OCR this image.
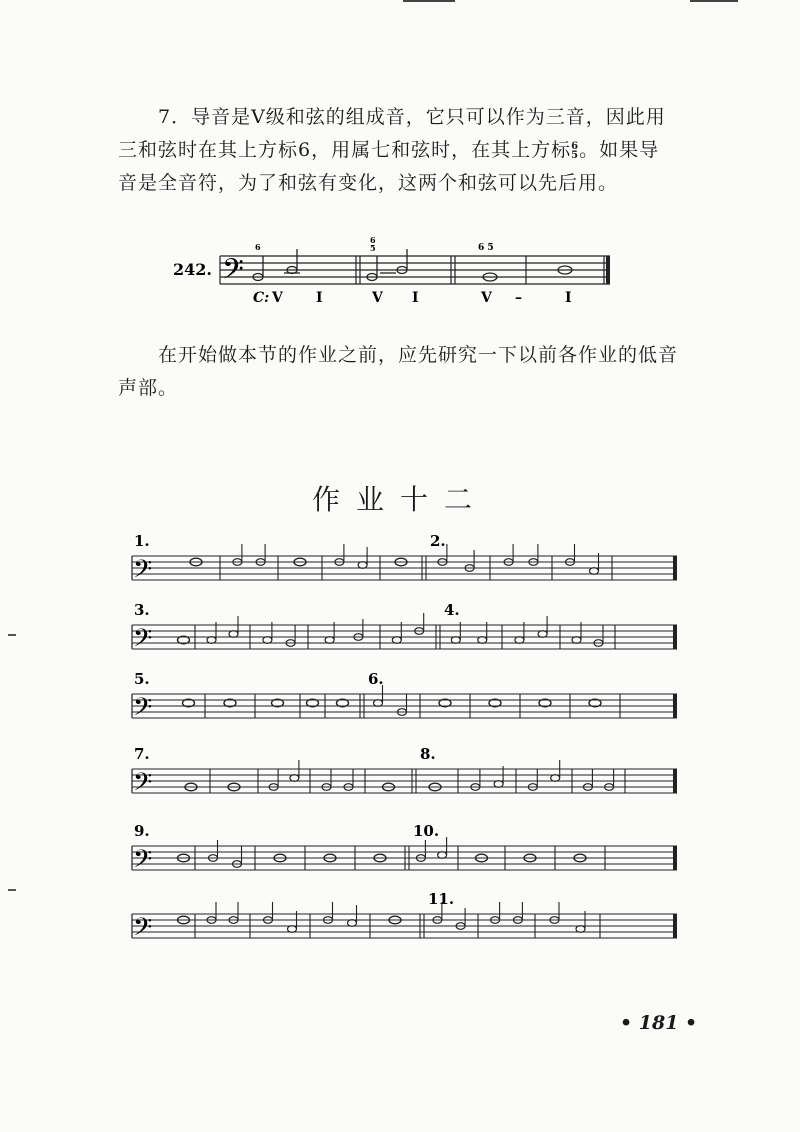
7．导音是Ⅴ级和弦的组成音，它只可以作为三音，因此用

三和弦时在其上方标6，用属七和弦时，在其上方标6
5。如果导

音是全音符，为了和弦有变化，这两个和弦可以先后用。

在开始做本节的作业之前，应先研究一下以前各作业的低音

声部。

242. 𝄢
6
6
5	6 5
C: V I	V I	V –	I
𝄢
1.	2.
𝄢
3.	4.
𝄢
5.	6.
𝄢
7.	8.
𝄢
9.	10.
𝄢
11.
作业十二
• 181 •
